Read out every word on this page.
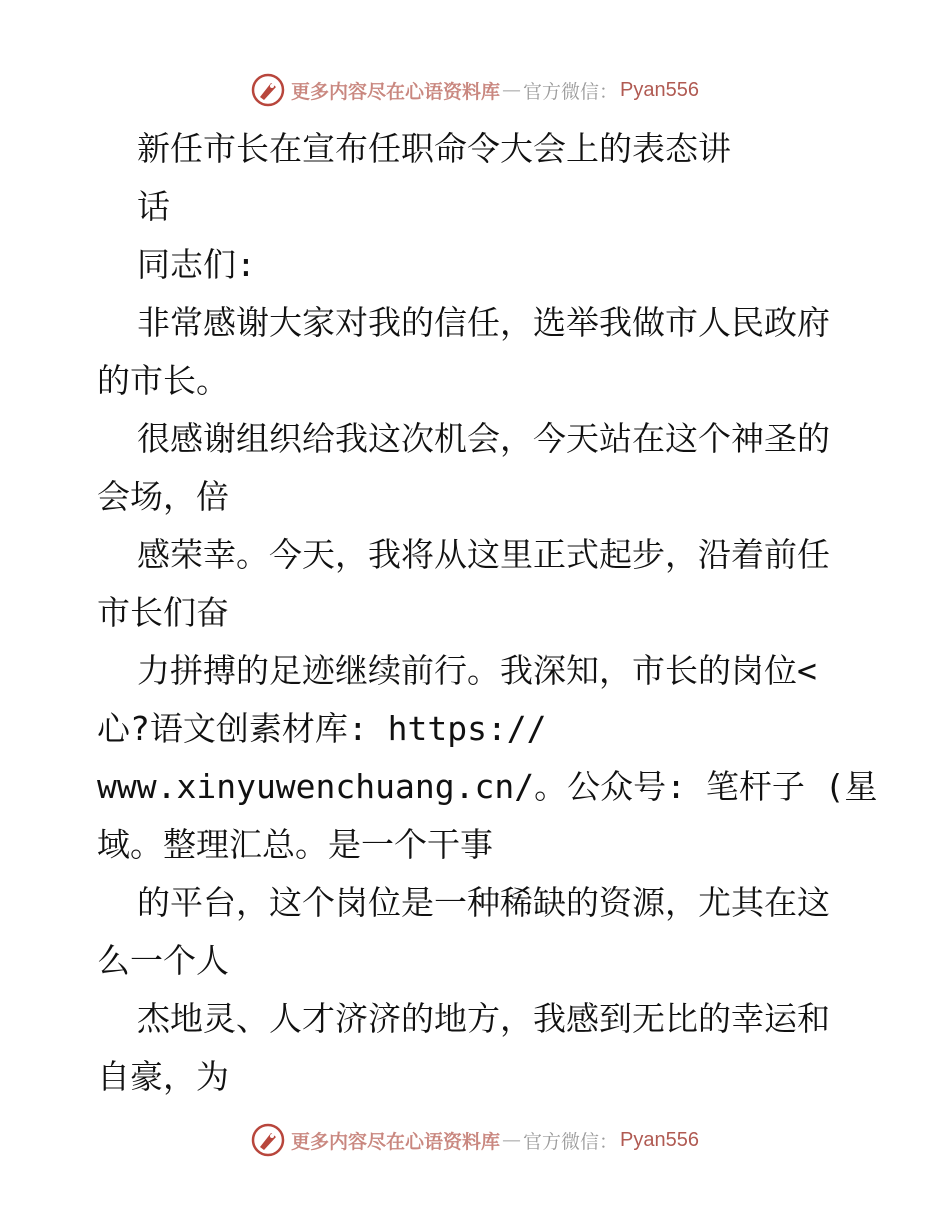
更多内容尽在心语资料库 — 官方微信： Pyan556
新任市长在宣布任职命令大会上的表态讲
话
同志们:
非常感谢大家对我的信任，选举我做市人民政府
的市长。
很感谢组织给我这次机会，今天站在这个神圣的
会场，倍
感荣幸。今天，我将从这里正式起步，沿着前任
市长们奋
力拼搏的足迹继续前行。我深知，市长的岗位<
心?语文创素材库: https://
www.xinyuwenchuang.cn/。公众号: 笔杆子 (星
域。整理汇总。是一个干事
的平台，这个岗位是一种稀缺的资源，尤其在这
么一个人
杰地灵、人才济济的地方，我感到无比的幸运和
自豪，为
更多内容尽在心语资料库 — 官方微信： Pyan556
